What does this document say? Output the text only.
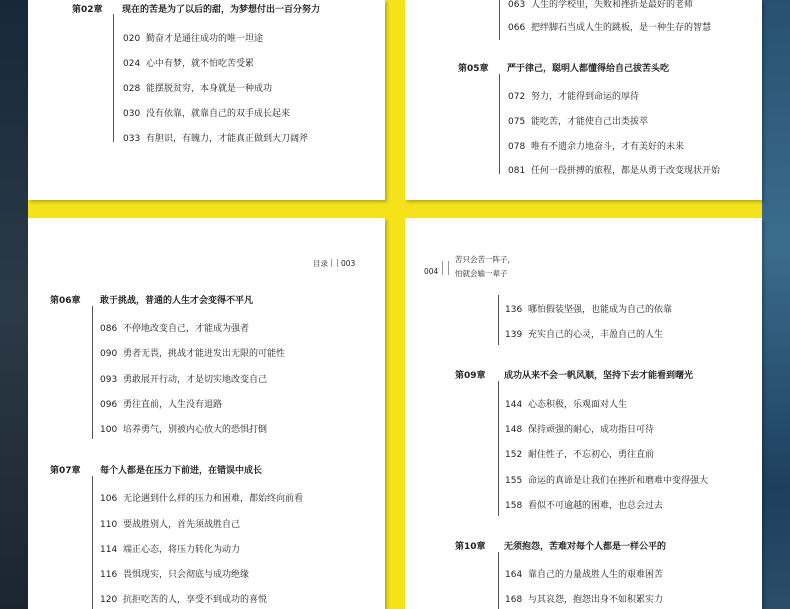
第02章 现在的苦是为了以后的甜，为梦想付出一百分努力
020 勤奋才是通往成功的唯一坦途
024 心中有梦，就不怕吃苦受累
028 能摆脱贫穷，本身就是一种成功
030 没有依靠，就靠自己的双手成长起来
033 有胆识，有魄力，才能真正做到大刀阔斧
063 人生的学校里，失败和挫折是最好的老师
066 把绊脚石当成人生的跳板，是一种生存的智慧
第05章 严于律己，聪明人都懂得给自己拔苦头吃
072 努力，才能得到命运的厚待
075 能吃苦，才能使自己出类拔萃
078 唯有不遗余力地奋斗，才有美好的未来
081 任何一段拼搏的旅程，都是从勇于改变现状开始
目录 003
第06章 敢于挑战，普通的人生才会变得不平凡
086 不停地改变自己，才能成为强者
090 勇者无畏，挑战才能迸发出无限的可能性
093 勇敢展开行动，才是切实地改变自己
096 勇往直前，人生没有退路
100 培养勇气，别被内心放大的恐惧打倒
第07章 每个人都是在压力下前进，在错误中成长
106 无论遇到什么样的压力和困难，都始终向前看
110 要战胜别人，首先须战胜自己
114 端正心态，将压力转化为动力
116 畏惧现实，只会彻底与成功绝缘
120 抗拒吃苦的人，享受不到成功的喜悦
004
苦只会苦一阵子，
怕就会输一辈子
136 哪怕假装坚强，也能成为自己的依靠
139 充实自己的心灵，丰盈自己的人生
第09章 成功从来不会一帆风顺，坚持下去才能看到曙光
144 心态积极，乐观面对人生
148 保持顽强的耐心，成功指日可待
152 耐住性子，不忘初心，勇往直前
155 命运的真谛是让我们在挫折和磨难中变得强大
158 看似不可逾越的困难，也总会过去
第10章 无须抱怨，苦难对每个人都是一样公平的
164 靠自己的力量战胜人生的艰难困苦
168 与其哀怨，抱怨出身不如积累实力
